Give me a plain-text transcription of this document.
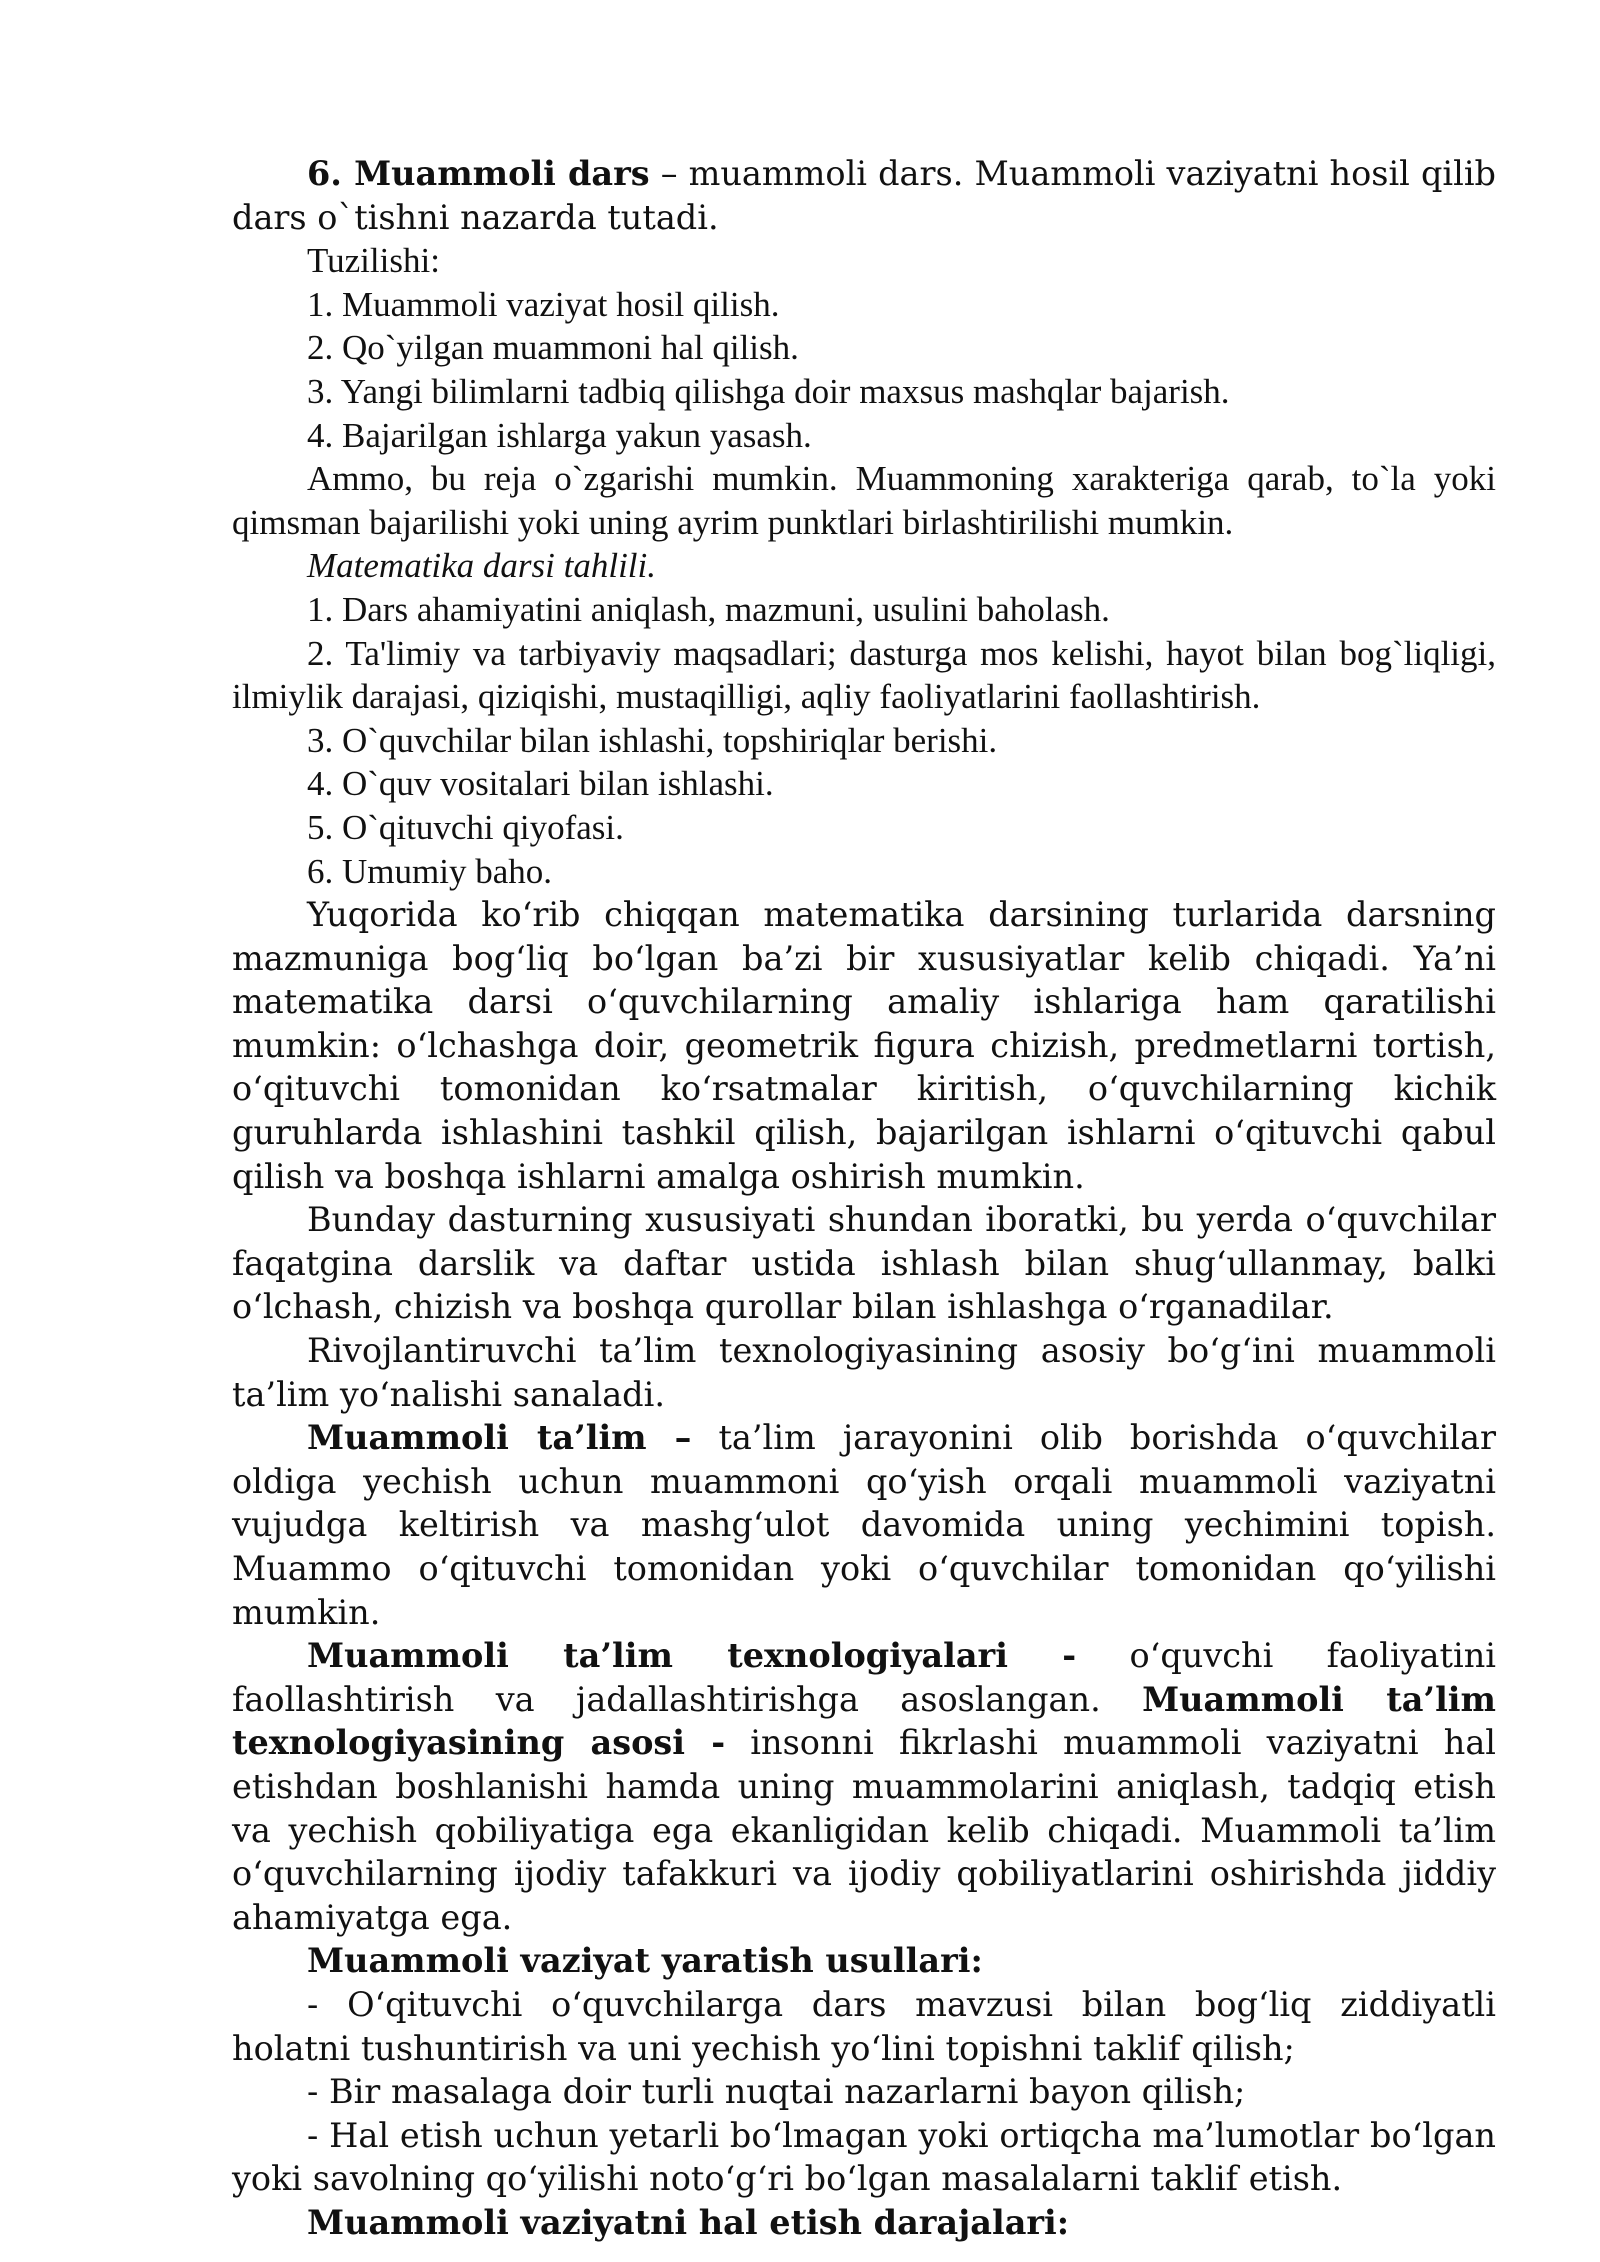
6. Muammoli dars – muammoli dars. Muammoli vaziyatni hosil qilib dars o`tishni nazarda tutadi.

Tuzilishi:

1. Muammoli vaziyat hosil qilish.

2. Qo`yilgan muammoni hal qilish.

3. Yangi bilimlarni tadbiq qilishga doir maxsus mashqlar bajarish.

4. Bajarilgan ishlarga yakun yasash.

Ammo, bu reja o`zgarishi mumkin. Muammoning xarakteriga qarab, to`la yoki qimsman bajarilishi yoki uning ayrim punktlari birlashtirilishi mumkin.

Matematika darsi tahlili.

1. Dars ahamiyatini aniqlash, mazmuni, usulini baholash.

2. Ta'limiy va tarbiyaviy maqsadlari; dasturga mos kelishi, hayot bilan bog`liqligi, ilmiylik darajasi, qiziqishi, mustaqilligi, aqliy faoliyatlarini faollashtirish.

3. O`quvchilar bilan ishlashi, topshiriqlar berishi.

4. O`quv vositalari bilan ishlashi.

5. O`qituvchi qiyofasi.

6. Umumiy baho.

Yuqorida ko‘rib chiqqan matematika darsining turlarida darsning mazmuniga bog‘liq bo‘lgan ba’zi bir xususiyatlar kelib chiqadi. Ya’ni matematika darsi o‘quvchilarning amaliy ishlariga ham qaratilishi mumkin: o‘lchashga doir, geometrik figura chizish, predmetlarni tortish, o‘qituvchi tomonidan ko‘rsatmalar kiritish, o‘quvchilarning kichik guruhlarda ishlashini tashkil qilish, bajarilgan ishlarni o‘qituvchi qabul qilish va boshqa ishlarni amalga oshirish mumkin.

Bunday dasturning xususiyati shundan iboratki, bu yerda o‘quvchilar faqatgina darslik va daftar ustida ishlash bilan shug‘ullanmay, balki o‘lchash, chizish va boshqa qurollar bilan ishlashga o‘rganadilar.

Rivojlantiruvchi ta’lim texnologiyasining asosiy bo‘g‘ini muammoli ta’lim yo‘nalishi sanaladi.

Muammoli ta’lim – ta’lim jarayonini olib borishda o‘quvchilar oldiga yechish uchun muammoni qo‘yish orqali muammoli vaziyatni vujudga keltirish va mashg‘ulot davomida uning yechimini topish. Muammo o‘qituvchi tomonidan yoki o‘quvchilar tomonidan qo‘yilishi mumkin.

Muammoli ta’lim texnologiyalari - o‘quvchi faoliyatini faollashtirish va jadallashtirishga asoslangan. Muammoli ta’lim texnologiyasining asosi - insonni fikrlashi muammoli vaziyatni hal etishdan boshlanishi hamda uning muammolarini aniqlash, tadqiq etish va yechish qobiliyatiga ega ekanligidan kelib chiqadi. Muammoli ta’lim o‘quvchilarning ijodiy tafakkuri va ijodiy qobiliyatlarini oshirishda jiddiy ahamiyatga ega.

Muammoli vaziyat yaratish usullari:

- O‘qituvchi o‘quvchilarga dars mavzusi bilan bog‘liq ziddiyatli holatni tushuntirish va uni yechish yo‘lini topishni taklif qilish;

- Bir masalaga doir turli nuqtai nazarlarni bayon qilish;

- Hal etish uchun yetarli bo‘lmagan yoki ortiqcha ma’lumotlar bo‘lgan yoki savolning qo‘yilishi noto‘g‘ri bo‘lgan masalalarni taklif etish.

Muammoli vaziyatni hal etish darajalari:
